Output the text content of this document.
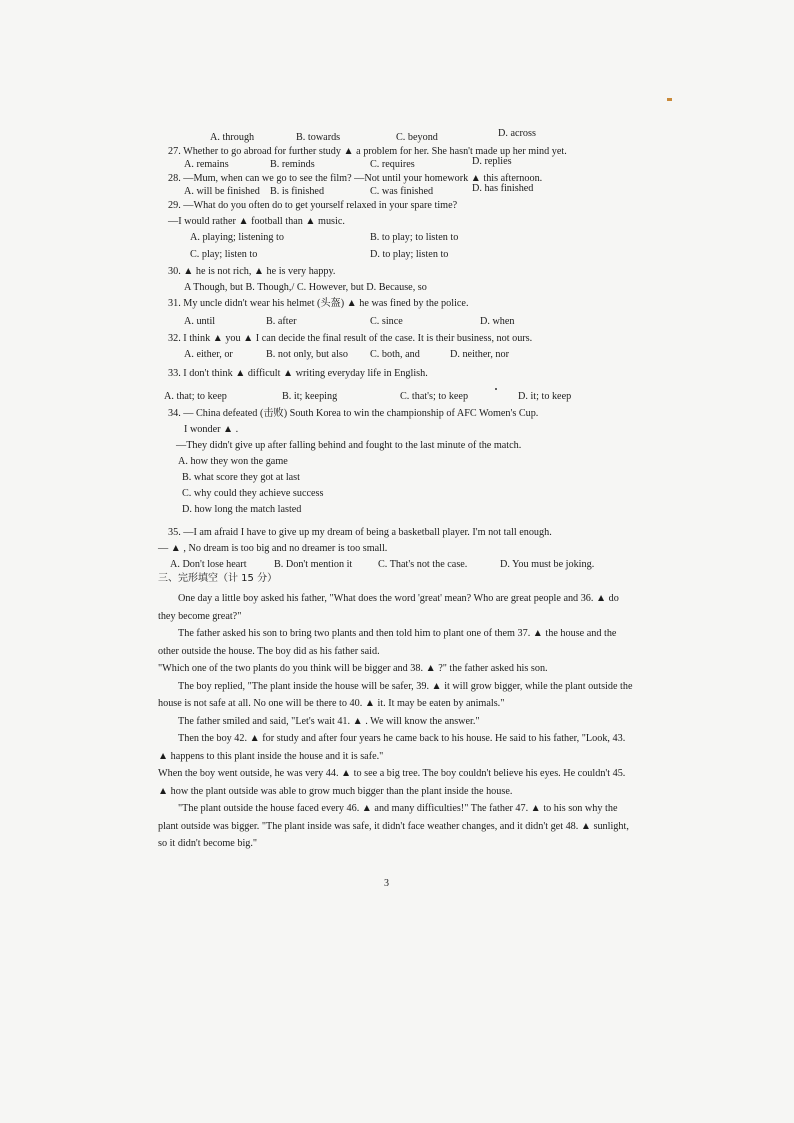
A. through	B. towards	C. beyond	D. across
27. Whether to go abroad for further study ▲ a problem for her. She hasn't made up her mind yet.
A. remains	B. reminds	C. requires	D. replies
28. —Mum, when can we go to see the film? —Not until your homework ▲ this afternoon.
A. will be finished B. is finished	C. was finished	D. has finished
29. —What do you often do to get yourself relaxed in your spare time?
—I would rather ▲ football than ▲ music.
A. playing; listening to	B. to play; to listen to
C. play; listen to	D. to play; listen to
30. ▲ he is not rich, ▲ he is very happy.
A Though, but B. Though,/ C. However, but D. Because, so
31. My uncle didn't wear his helmet (头盔) ▲ he was fined by the police.
A. until	B. after	C. since	D. when
32. I think ▲ you ▲ I can decide the final result of the case. It is their business, not ours.
A. either, or	B. not only, but also C. both, and	D. neither, nor
33. I don't think ▲ difficult ▲ writing everyday life in English.
A. that; to keep	B. it; keeping	C. that's; to keep	D. it; to keep
34. — China defeated (击败) South Korea to win the championship of AFC Women's Cup.
I wonder ▲ .
—They didn't give up after falling behind and fought to the last minute of the match.
A. how they won the game
B. what score they got at last
C. why could they achieve success
D. how long the match lasted
35. —I am afraid I have to give up my dream of being a basketball player. I'm not tall enough.
— ▲ , No dream is too big and no dreamer is too small.
A. Don't lose heart	B. Don't mention it	C. That's not the case.	D. You must be joking.
三、完形填空（计 15 分）
One day a little boy asked his father, "What does the word 'great' mean? Who are great people and 36. ▲ do they become great?"
The father asked his son to bring two plants and then told him to plant one of them 37. ▲ the house and the other outside the house. The boy did as his father said.
"Which one of the two plants do you think will be bigger and 38. ▲ ?" the father asked his son.
The boy replied, "The plant inside the house will be safer, 39. ▲ it will grow bigger, while the plant outside the house is not safe at all. No one will be there to 40. ▲ it. It may be eaten by animals."
The father smiled and said, "Let's wait 41. ▲ . We will know the answer."
Then the boy 42. ▲ for study and after four years he came back to his house. He said to his father, "Look, 43. ▲ happens to this plant inside the house and it is safe."
When the boy went outside, he was very 44. ▲ to see a big tree. The boy couldn't believe his eyes. He couldn't 45. ▲ how the plant outside was able to grow much bigger than the plant inside the house.
"The plant outside the house faced every 46. ▲ and many difficulties!" The father 47. ▲ to his son why the plant outside was bigger. "The plant inside was safe, it didn't face weather changes, and it didn't get 48. ▲ sunlight, so it didn't become big."
3
